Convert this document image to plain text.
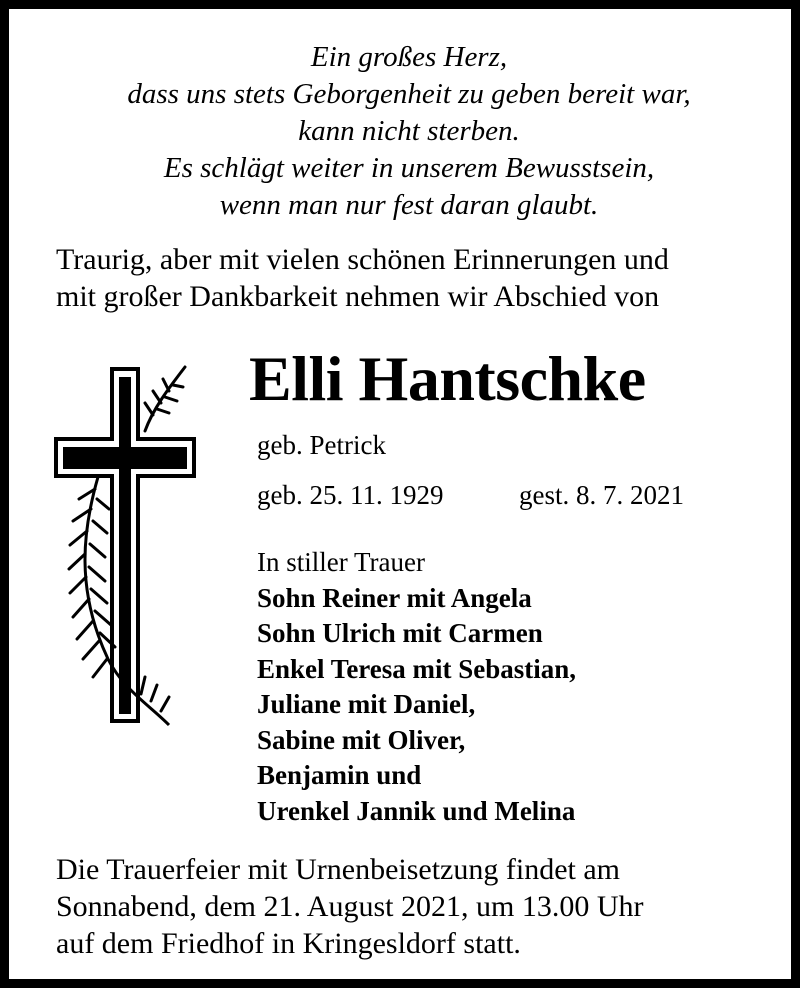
Ein großes Herz,
dass uns stets Geborgenheit zu geben bereit war,
kann nicht sterben.
Es schlägt weiter in unserem Bewusstsein,
wenn man nur fest daran glaubt.
Traurig, aber mit vielen schönen Erinnerungen und
mit großer Dankbarkeit nehmen wir Abschied von
Elli Hantschke
geb. Petrick
geb. 25. 11. 1929	gest. 8. 7. 2021
In stiller Trauer
Sohn Reiner mit Angela
Sohn Ulrich mit Carmen
Enkel Teresa mit Sebastian,
Juliane mit Daniel,
Sabine mit Oliver,
Benjamin und
Urenkel Jannik und Melina
Die Trauerfeier mit Urnenbeisetzung findet am
Sonnabend, dem 21. August 2021, um 13.00 Uhr
auf dem Friedhof in Kringesldorf statt.
